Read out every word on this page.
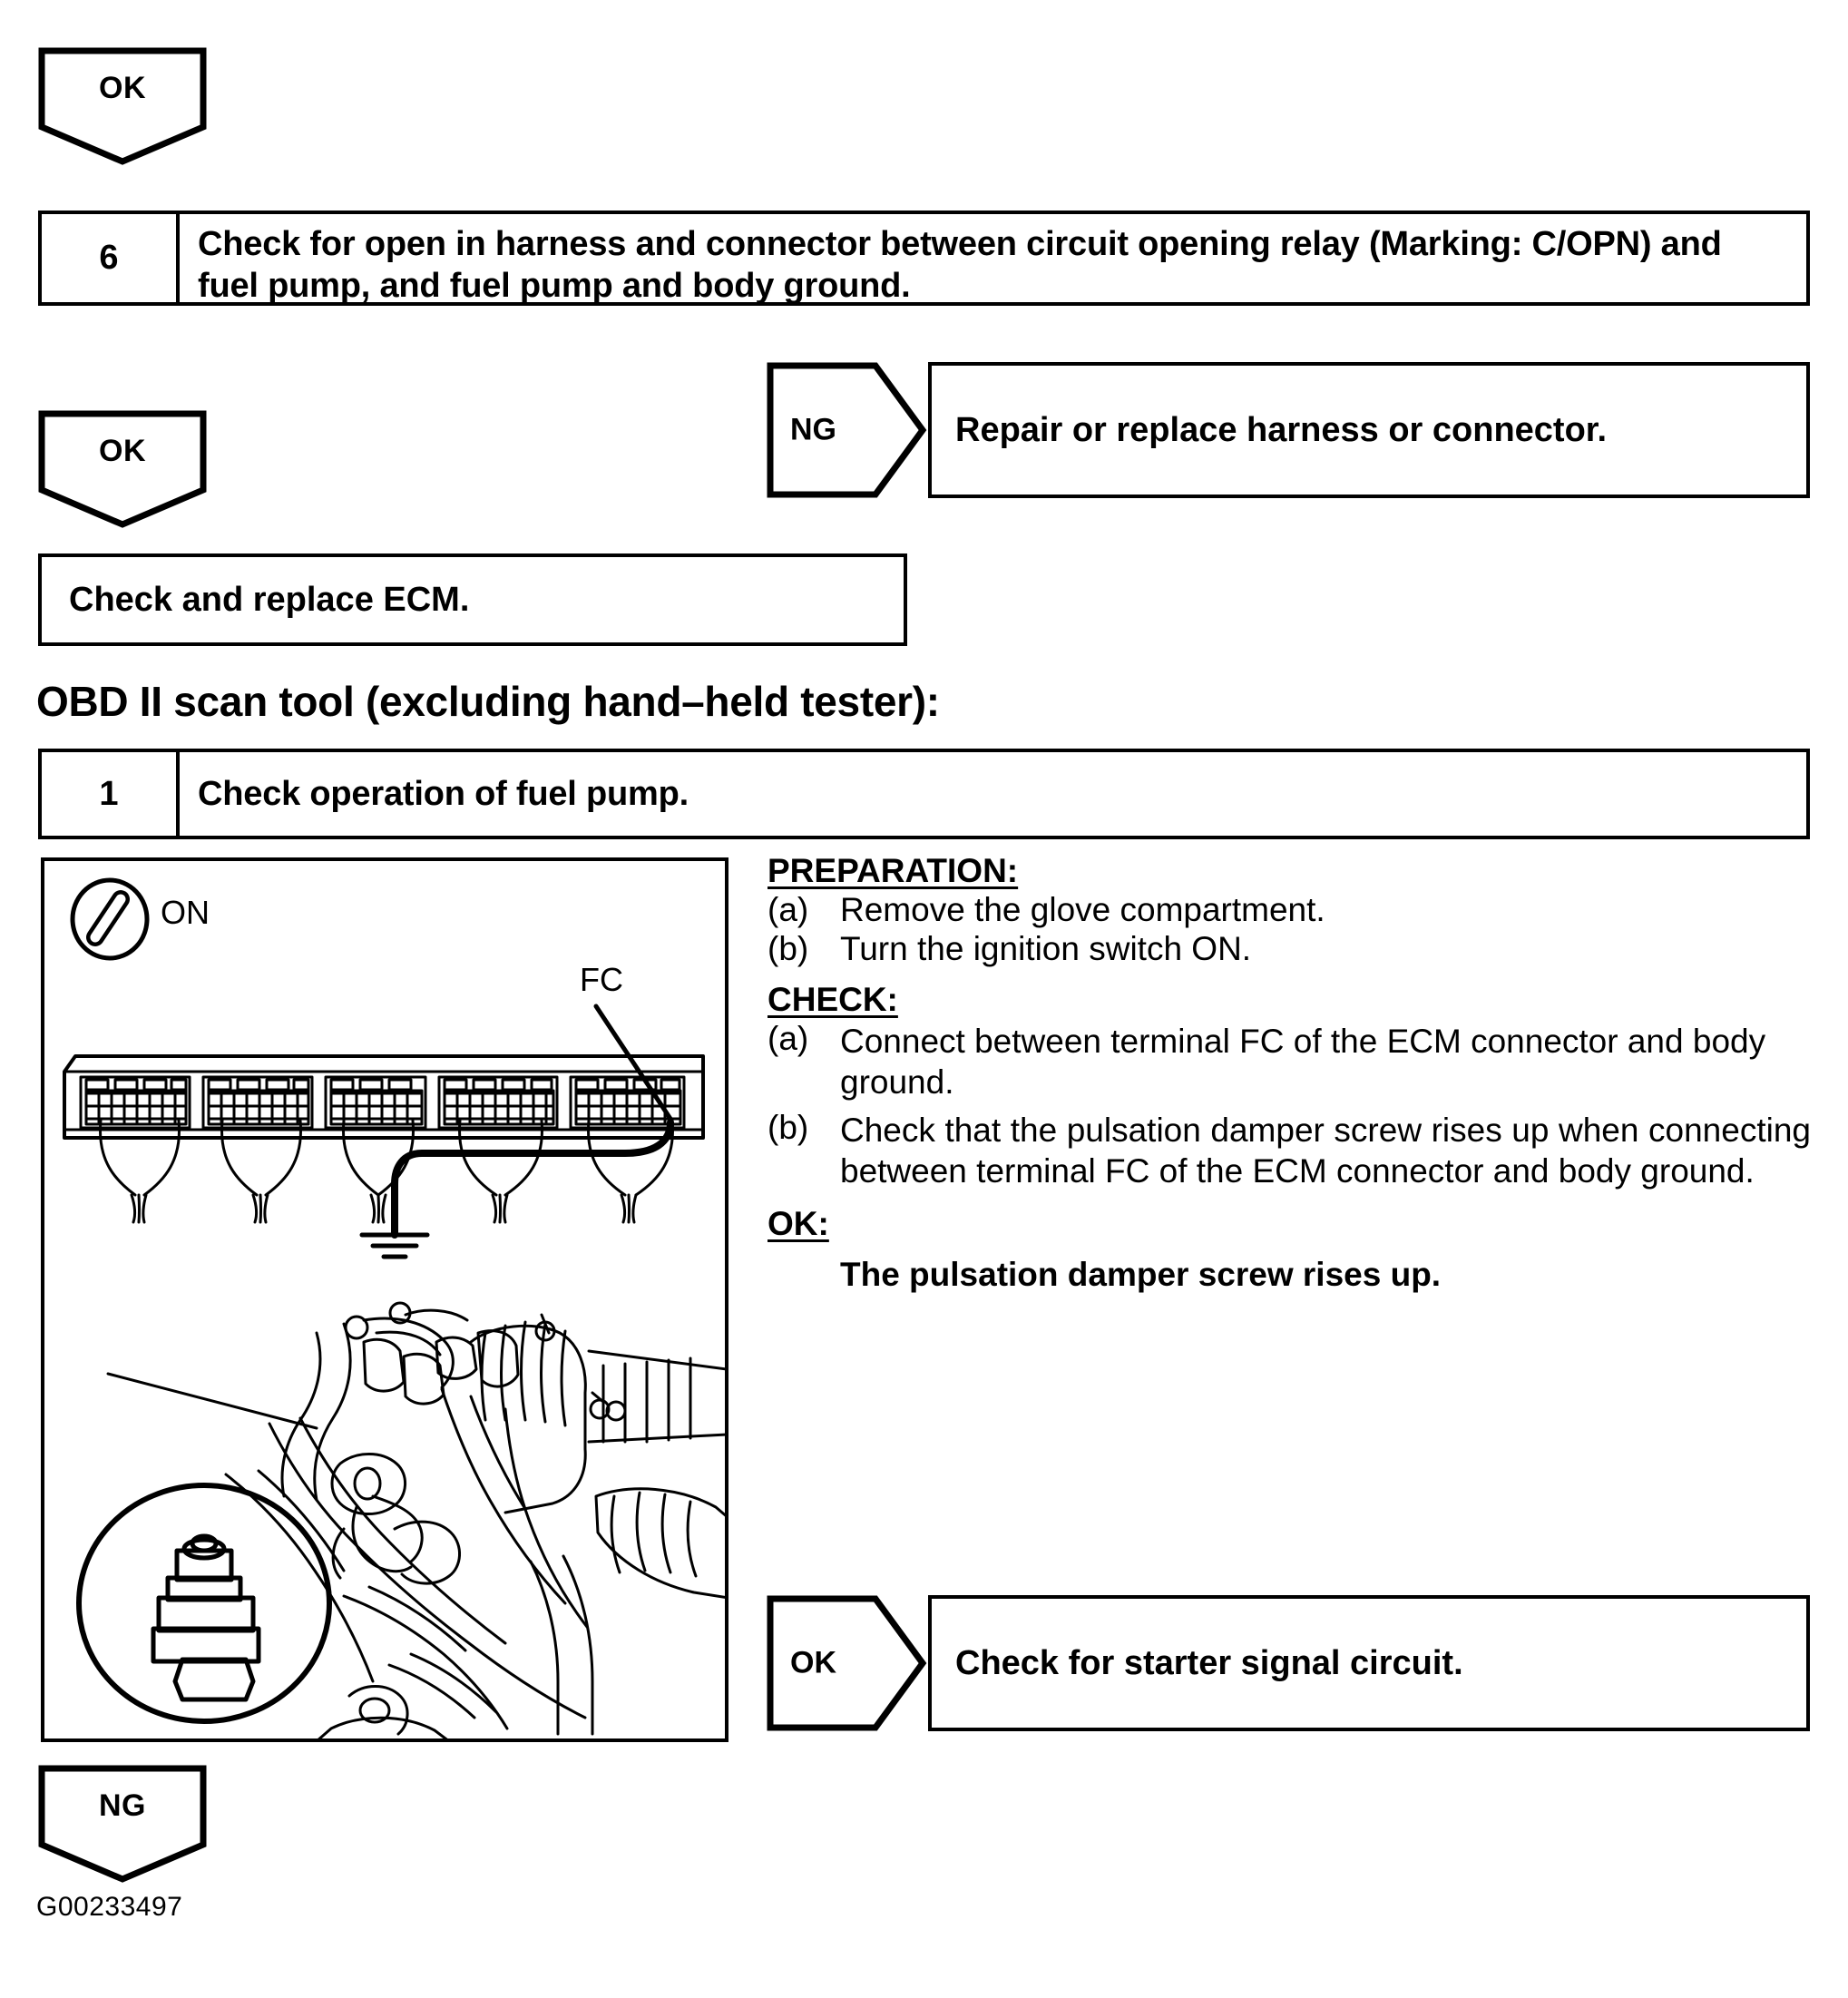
OK
6	Check for open in harness and connector between circuit opening relay (Marking: C/OPN) and fuel pump, and fuel pump and body ground.
OK
NG	Repair or replace harness or connector.
Check and replace ECM.
OBD II scan tool (excluding hand–held tester):
1	Check operation of fuel pump.
ON
FC
PREPARATION:
(a) Remove the glove compartment.
(b) Turn the ignition switch ON.
CHECK:
(a) Connect between terminal FC of the ECM connector and body ground.
(b) Check that the pulsation damper screw rises up when connecting between terminal FC of the ECM connector and body ground.
OK:
The pulsation damper screw rises up.
OK	Check for starter signal circuit.
NG
G00233497
